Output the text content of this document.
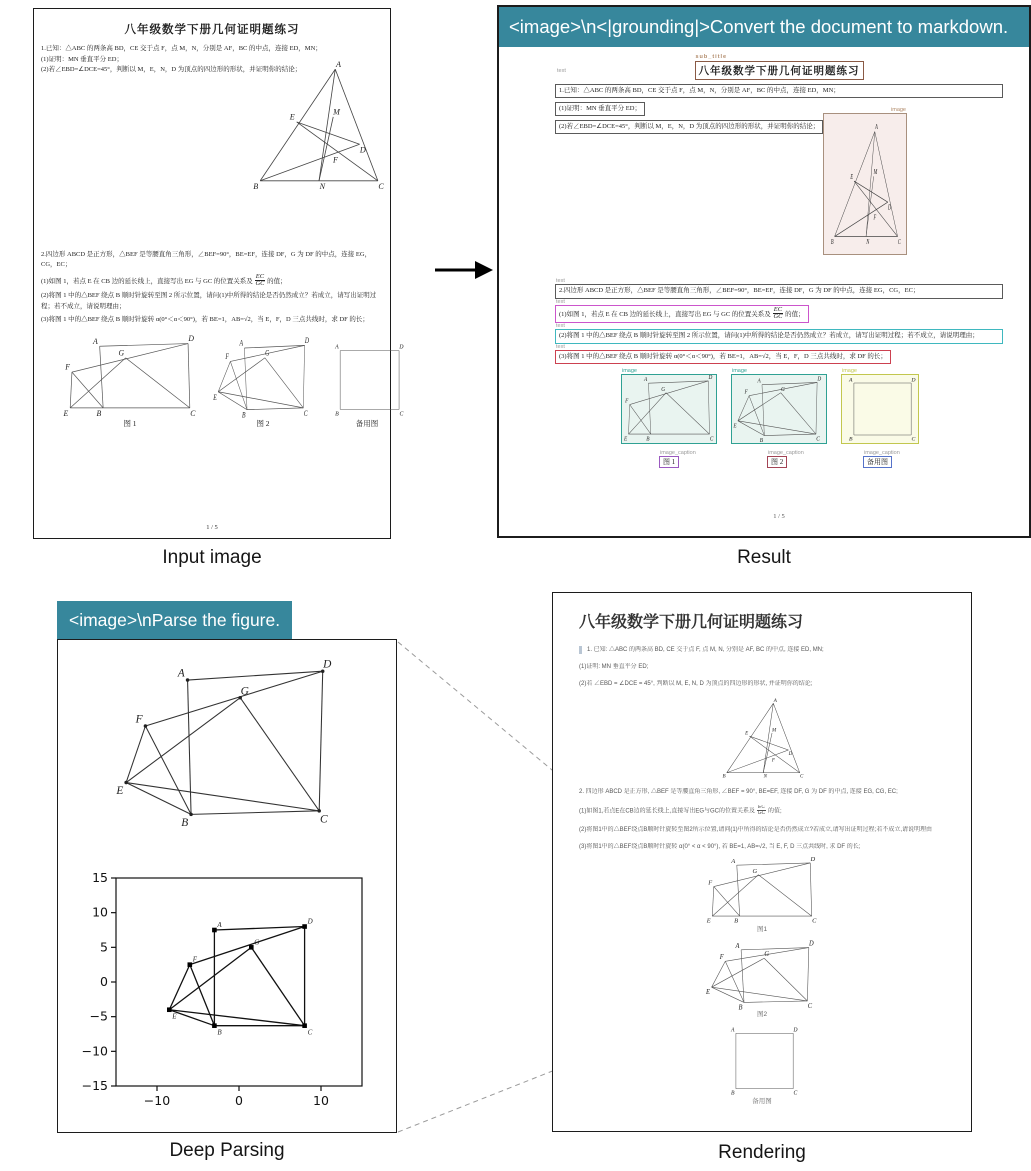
八年级数学下册几何证明题练习
1.已知：△ABC 的两条高 BD，CE 交于点 F，点 M，N，分别是 AF，BC 的中点，连接 ED，MN；
(1)证明：MN 垂直平分 ED；
(2)若∠EBD=∠DCE=45°，判断以 M，E，N，D 为顶点的四边形的形状，并证明你的结论；
A
E
M
D
F
B	N	C
2.四边形 ABCD 是正方形，△BEF 是等腰直角三角形，∠BEF=90°，BE=EF，连接 DF，G 为 DF 的中点，连接 EG，CG，EC；
(1)如图 1，若点 E 在 CB 边的延长线上，直接写出 EG 与 GC 的位置关系及 $\frac{EC}{GC}$ 的值；
(2)将图 1 中的△BEF 绕点 B 顺时针旋转至图 2 所示位置，请问(1)中所得的结论是否仍然成立？若成立，请写出证明过程；若不成立，请说明理由；
(3)将图 1 中的△BEF 绕点 B 顺时针旋转 α(0°＜α＜90°)，若 BE=1，AB=√2，当 E，F，D 三点共线时，求 DF 的长；
A	D
C
B
E
F
G
图 1
A	D
C
B
F
E
G
图 2
A	D
B	C
备用图
1 / 5
Input image
<image>\n<|grounding|>Convert the document to markdown.
text
sub_title
八年级数学下册几何证明题练习
1.已知：△ABC 的两条高 BD，CE 交于点 F，点 M，N，分别是 AF，BC 的中点，连接 ED，MN；
(1)证明：MN 垂直平分 ED；
(2)若∠EBD=∠DCE=45°，判断以 M，E，N，D 为顶点的四边形的形状，并证明你的结论；
image
A
E
M
D
F
B	N	C
text
2.四边形 ABCD 是正方形，△BEF 是等腰直角三角形，∠BEF=90°，BE=EF，连接 DF，G 为 DF 的中点，连接 EG，CG，EC；
text
(1)如图 1，若点 E 在 CB 边的延长线上，直接写出 EG 与 GC 的位置关系及 $\frac{EC}{GC}$ 的值；
text
(2)将图 1 中的△BEF 绕点 B 顺时针旋转至图 2 所示位置，请问(1)中所得的结论是否仍然成立？若成立，请写出证明过程；若不成立，请说明理由；
text
(3)将图 1 中的△BEF 绕点 B 顺时针旋转 α(0°＜α＜90°)，若 BE=1，AB=√2，当 E，F，D 三点共线时，求 DF 的长；
image
A	D
C
B
E
F
G
image
A	D
C
B
F
E
G
image
A	D
B	C
image_caption
图 1
image_caption
图 2
image_caption
备用图
1 / 5
Result
<image>\nParse the figure.
A
D
C
B
F
E
G
−10	0	10
−15
−10
−5
0
5
10
15
A	D
G
F
E
B	C
Deep Parsing
八年级数学下册几何证明题练习
1. 已知: △ABC 的两条高 BD, CE 交于点 F, 点 M, N, 分别是 AF, BC 的中点, 连接 ED, MN;
(1)证明: MN 垂直平分 ED;
(2)若 ∠EBD = ∠DCE = 45°, 判断以 M, E, N, D 为顶点的四边形的形状, 并证明你的结论;
A
E
M
D
F
B	N	C
2. 四边形 ABCD 是正方形, △BEF 是等腰直角三角形, ∠BEF = 90°, BE=EF, 连接 DF, G 为 DF 的中点, 连接 EG, CG, EC;
(1)如图1,若点E在CB边的延长线上,直接写出EG与GC的位置关系及 $\frac{EC}{GC}$ 的值;
(2)将图1中的△BEF绕点B顺时针旋转至图2所示位置,请问(1)中所得的结论是否仍然成立?若成立,请写出证明过程;若不成立,请说明理由
(3)将图1中的△BEF绕点B顺时针旋转 α(0° < α < 90°), 若 BE=1, AB=√2, 当 E, F, D 三点共线时, 求 DF 的长;
A	D
C
B
E
F
G
图1
A	D
C
B
F
E
G
图2
A	D
B	C
备用图
Rendering
